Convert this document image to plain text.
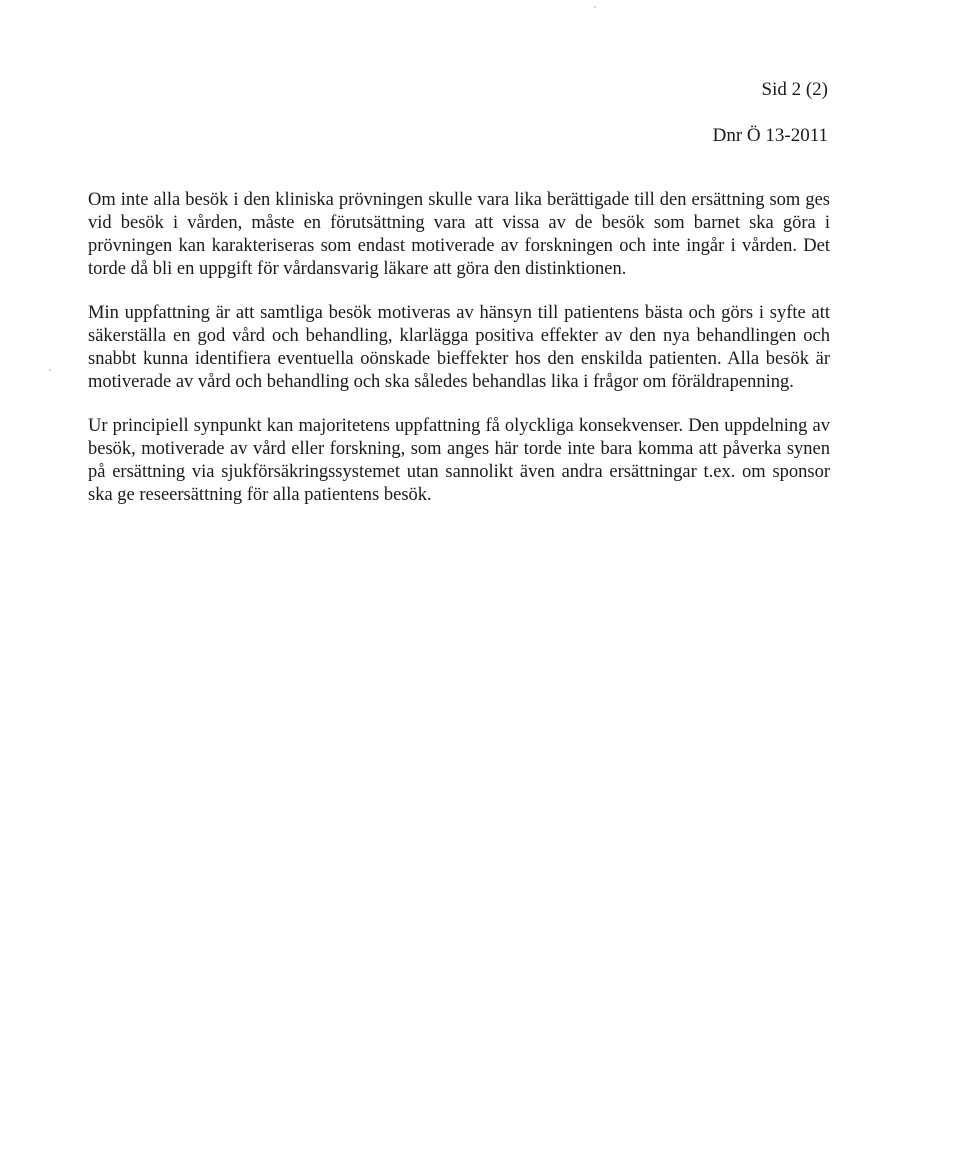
Sid 2 (2)
Dnr Ö 13-2011

Om inte alla besök i den kliniska prövningen skulle vara lika berättigade till den ersättning som ges vid besök i vården, måste en förutsättning vara att vissa av de besök som barnet ska göra i prövningen kan karakteriseras som endast motiverade av forskningen och inte ingår i vården. Det torde då bli en uppgift för vårdansvarig läkare att göra den distinktionen.

Min uppfattning är att samtliga besök motiveras av hänsyn till patientens bästa och görs i syfte att säkerställa en god vård och behandling, klarlägga positiva effekter av den nya behandlingen och snabbt kunna identifiera eventuella oönskade bieffekter hos den enskilda patienten. Alla besök är motiverade av vård och behandling och ska således behandlas lika i frågor om föräldrapenning.

Ur principiell synpunkt kan majoritetens uppfattning få olyckliga konsekvenser. Den uppdelning av besök, motiverade av vård eller forskning, som anges här torde inte bara komma att påverka synen på ersättning via sjukförsäkringssystemet utan sannolikt även andra ersättningar t.ex. om sponsor ska ge reseersättning för alla patientens besök.
